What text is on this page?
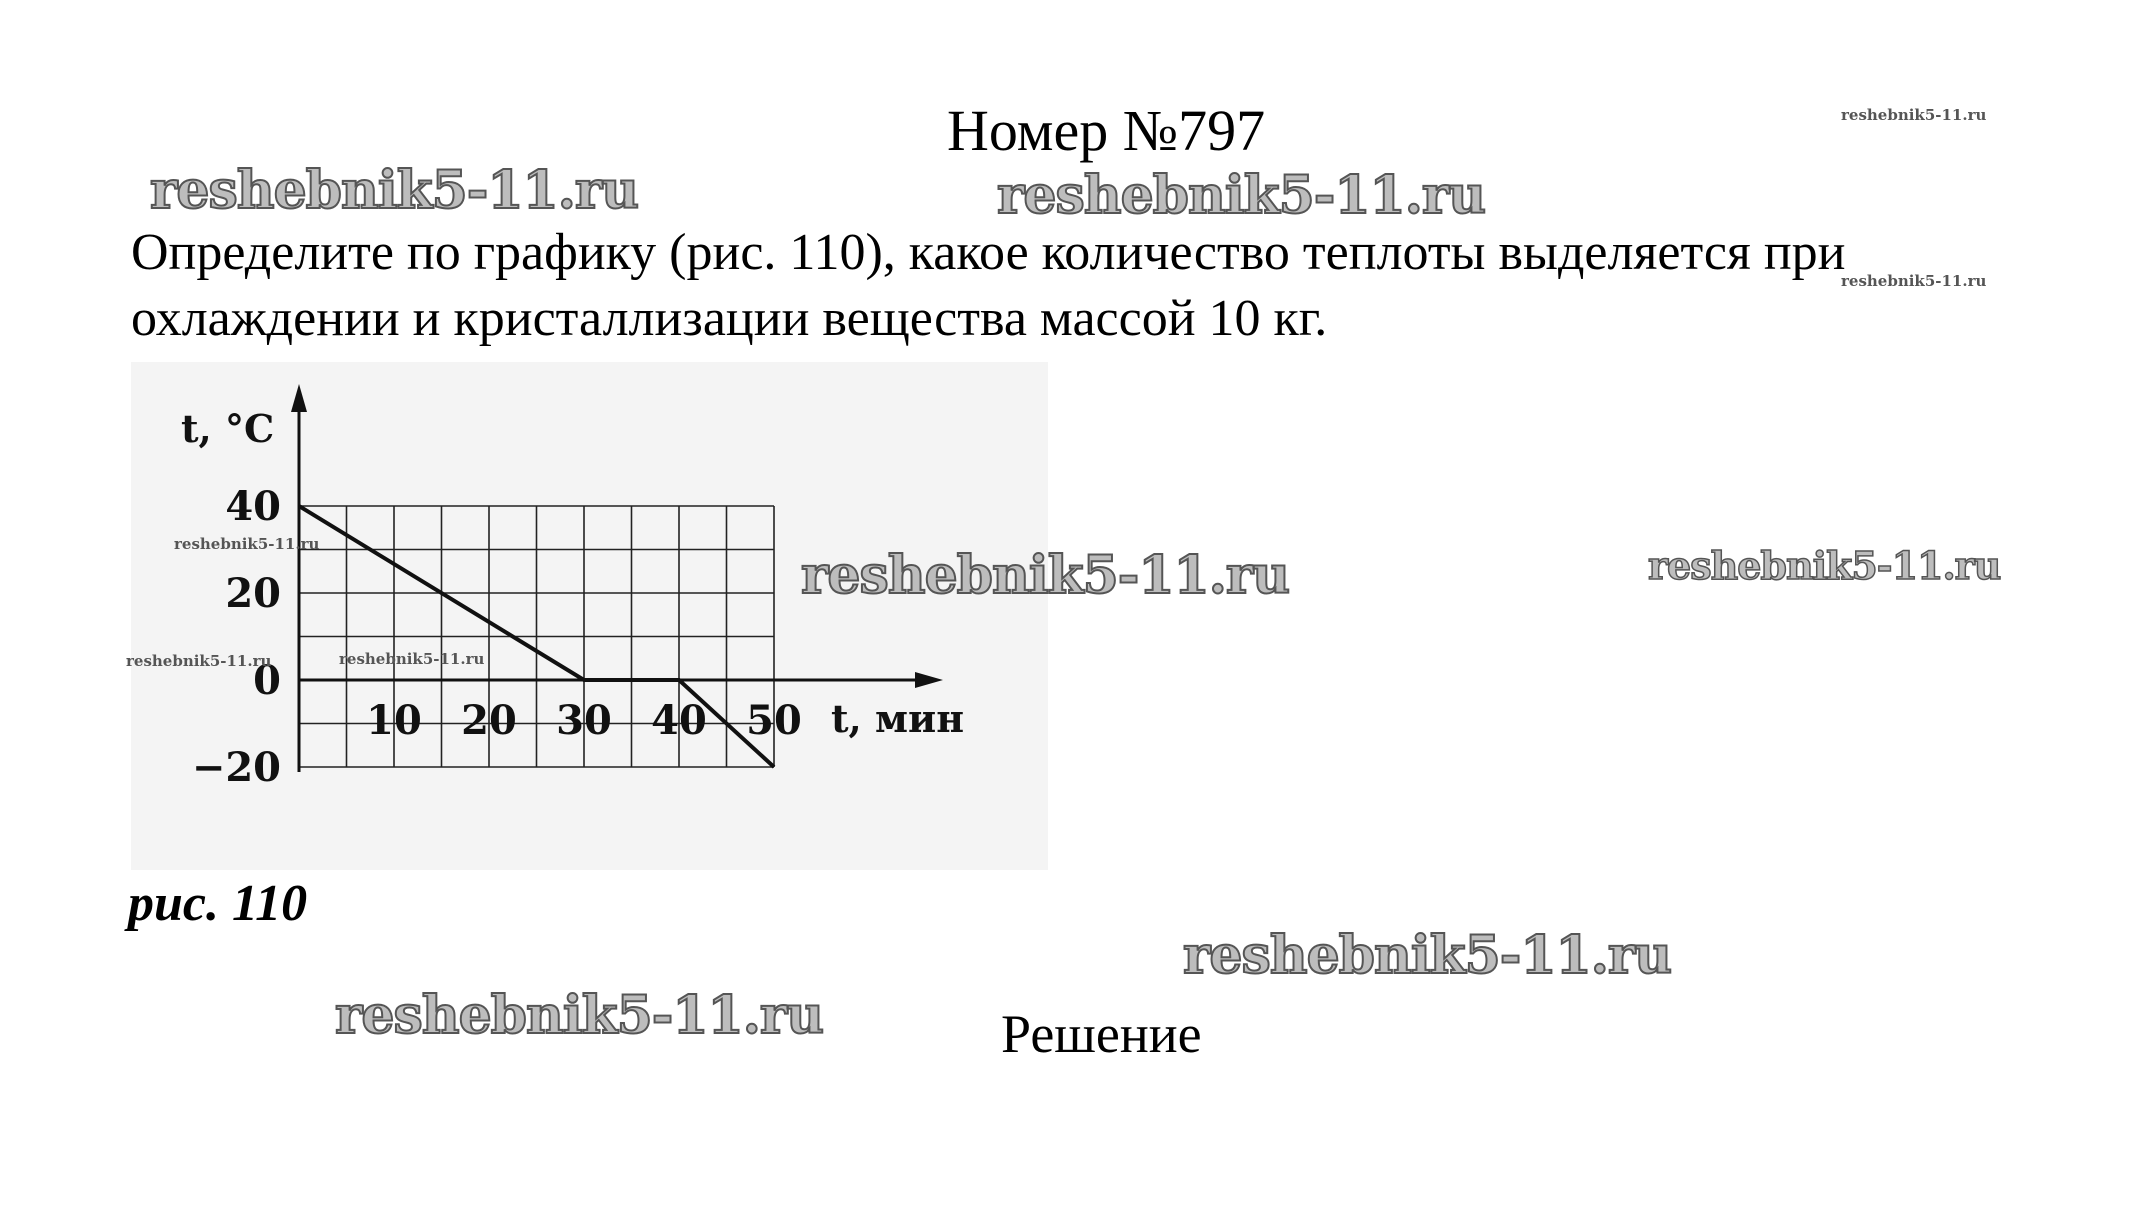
Номер №797
Определите по графику (рис. 110), какое количество теплоты выделяется при охлаждении и кристаллизации вещества массой 10 кг.
40
20
0
−20
10 20 30 40 50
t, °C
t, мин
рис. 110
Решение
reshebnik5-11.ru	reshebnik5-11.ru
reshebnik5-11.ru	reshebnik5-11.ru
reshebnik5-11.ru
reshebnik5-11.ru
reshebnik5-11.ru
reshebnik5-11.ru
reshebnik5-11.ru
reshebnik5-11.ru	reshebnik5-11.ru
